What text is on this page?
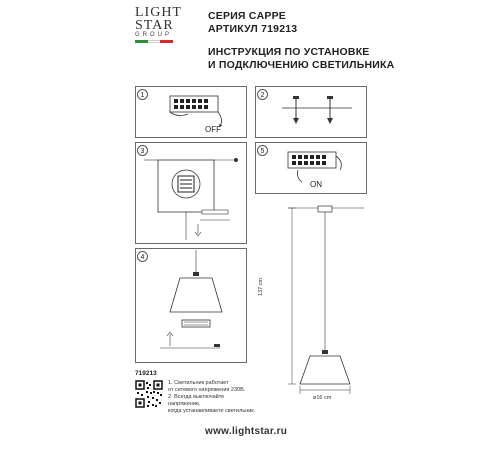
LIGHT
STAR
GROUP
СЕРИЯ CAPPE
АРТИКУЛ 719213
ИНСТРУКЦИЯ ПО УСТАНОВКЕ
И ПОДКЛЮЧЕНИЮ СВЕТИЛЬНИКА
1
OFF
2
3	5
ON
4
137 cm
ø16 cm
719213
1. Светильник работает
от сетевого напряжения 230В.
2. Всегда выключайте напряжение,
когда устанавливаете светильник.
www.lightstar.ru
